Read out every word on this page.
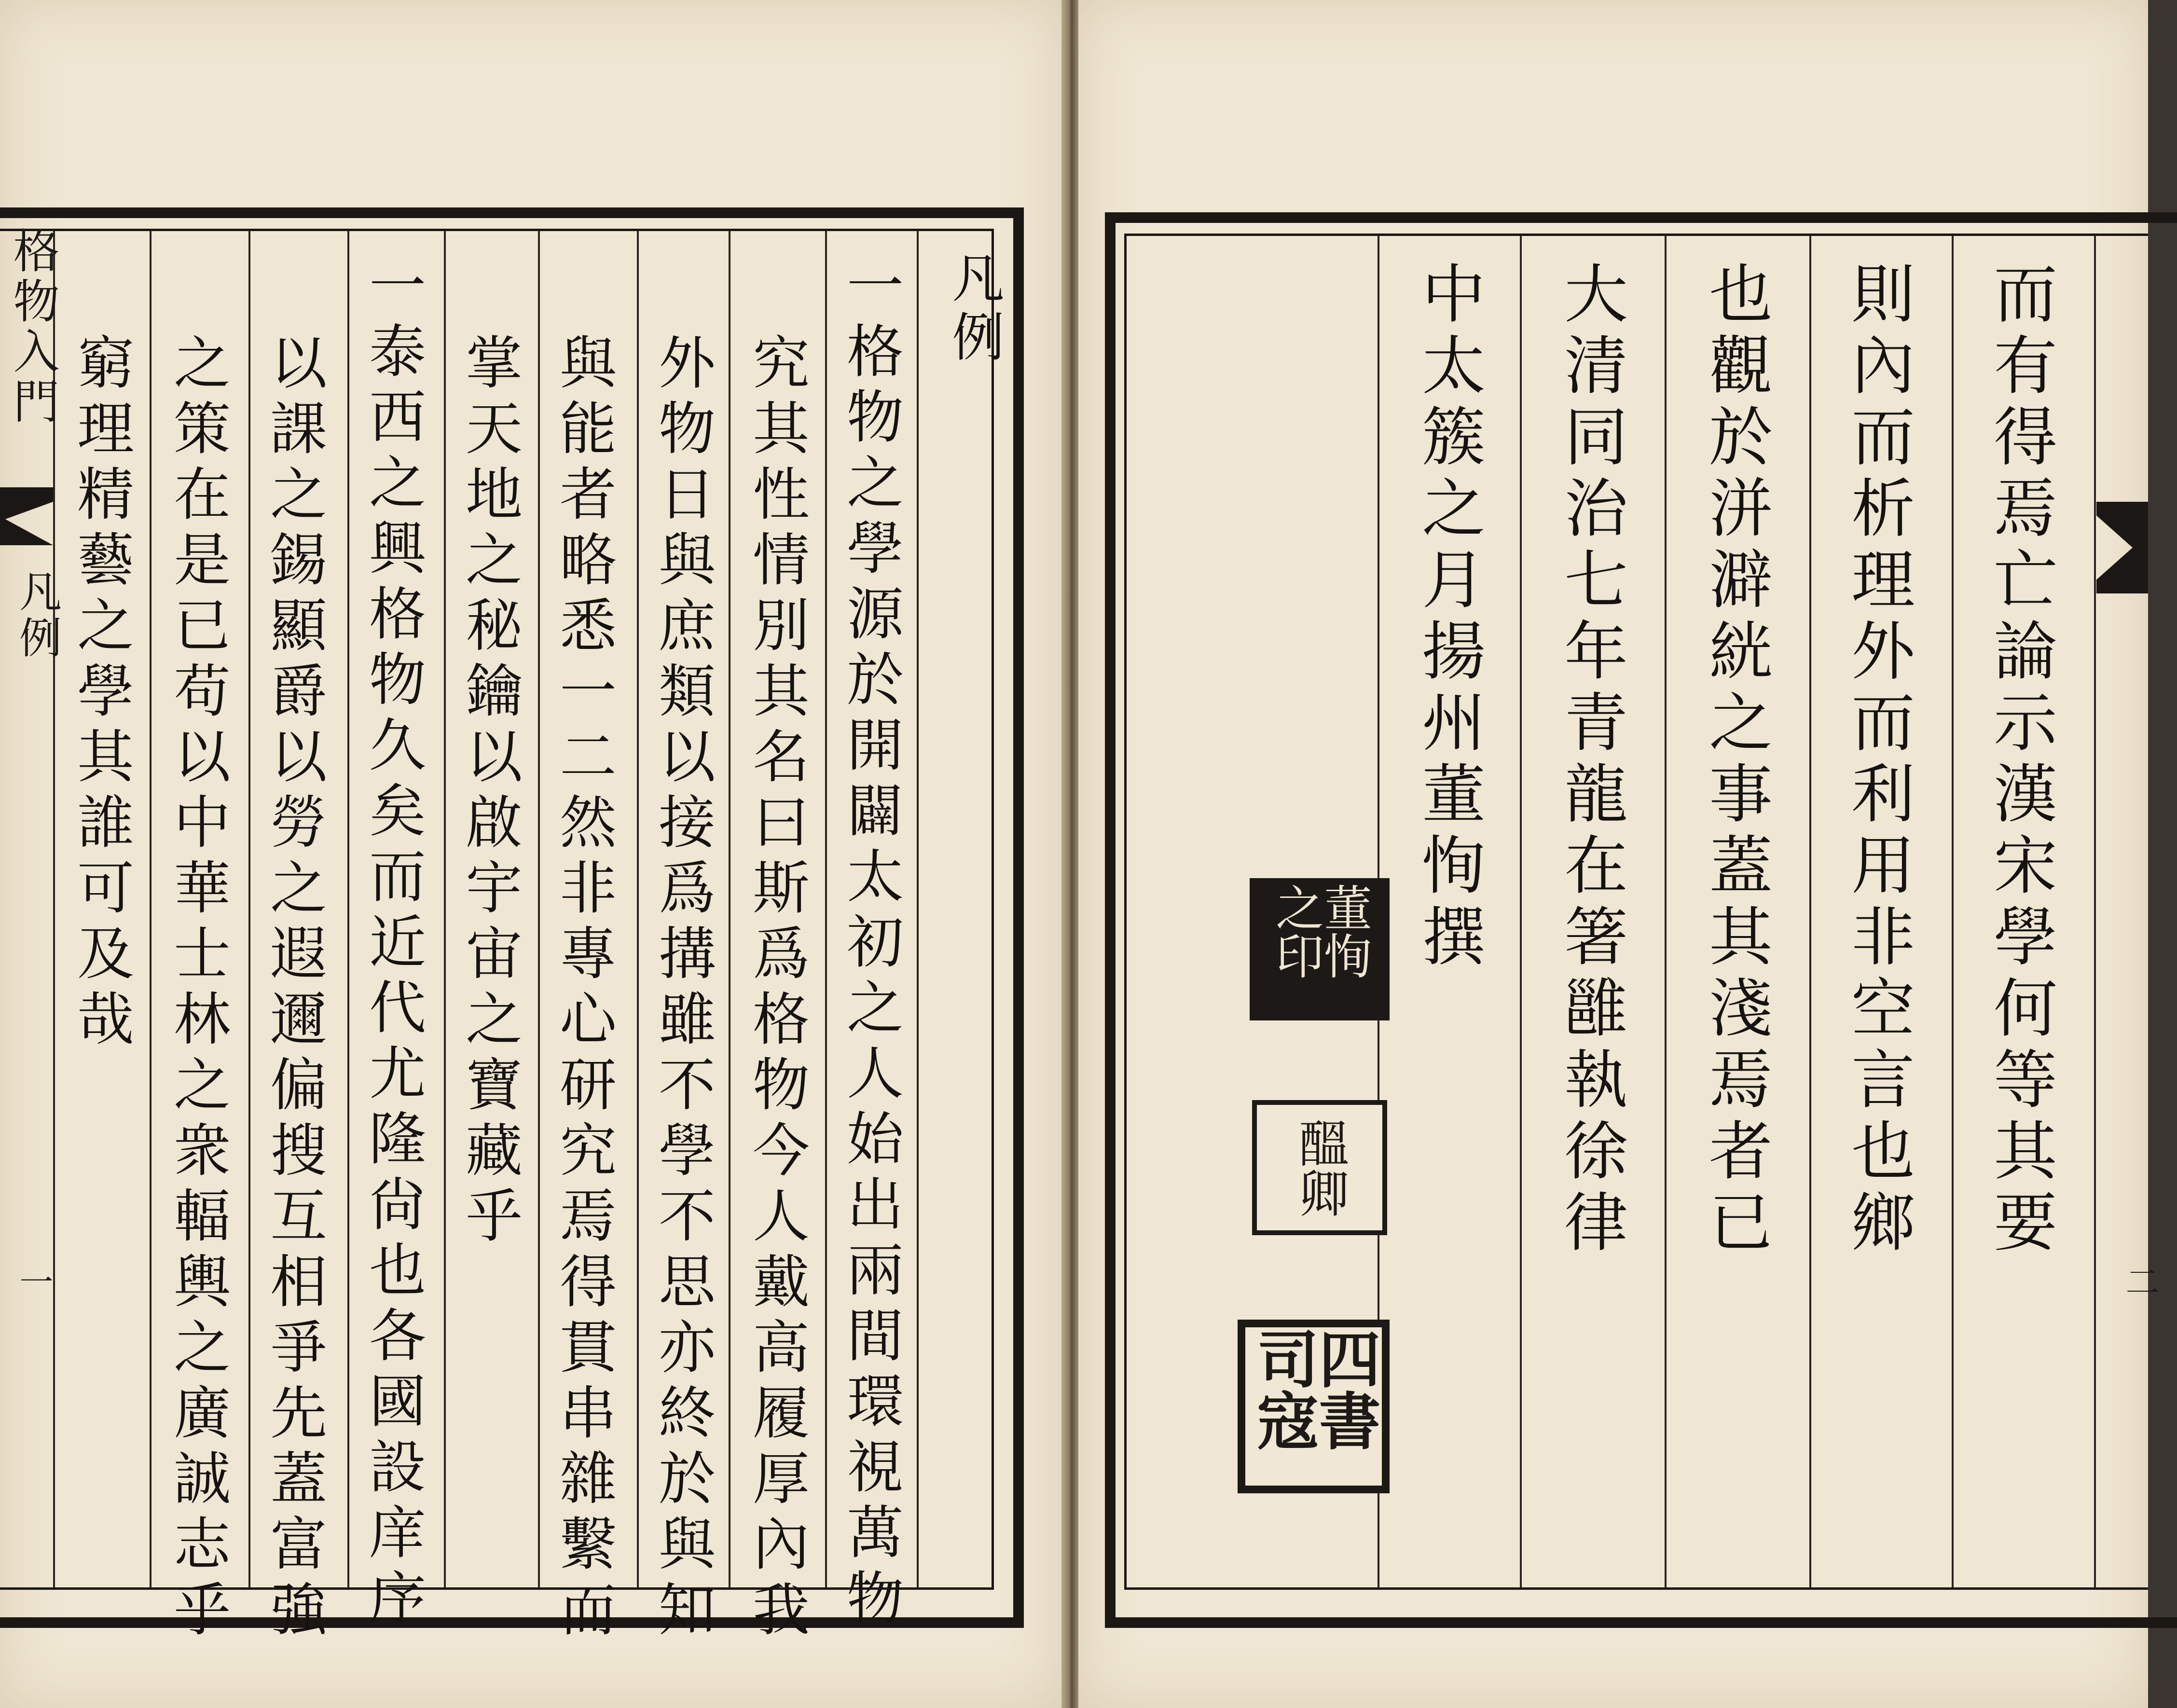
格物入門
凡例
一
凡例
一格物之學源於開闢太初之人始出兩間環視萬物
究其性情別其名曰斯爲格物今人戴高履厚內我
外物日與庶類以接爲搆雖不學不思亦終於與知
與能者略悉一二然非專心研究焉得貫串雜繫而
掌天地之秘鑰以啟宇宙之寶藏乎
一泰西之興格物久矣而近代尤隆尙也各國設庠序
以課之錫顯爵以勞之遐邇偏搜互相爭先蓋富強
之策在是已苟以中華士林之衆輻輿之廣誠志乎
窮理精藝之學其誰可及哉
二
而有得焉亡論示漢宋學何等其要
則內而析理外而利用非空言也鄉
也觀於洴澼絖之事蓋其淺焉者已
大清同治七年青龍在箸雝執徐律
中太簇之月揚州董恂撰
董恂之印
醞卿
四書司寇
